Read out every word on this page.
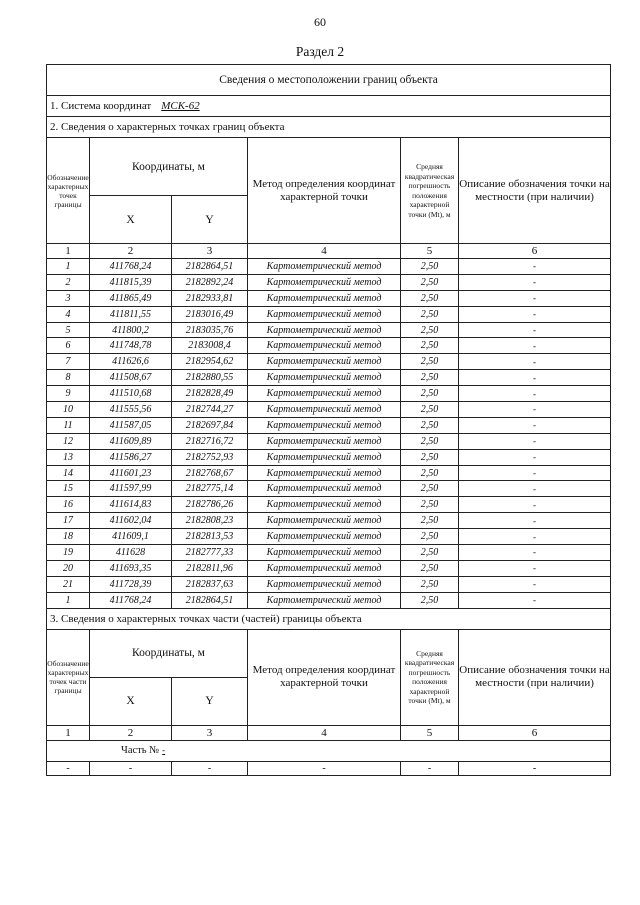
60
Раздел 2
Сведения о местоположении границ объекта					
1. Система координат МСК-62					
2. Сведения о характерных точках границ объекта					
Обозначение характерных точек границы	Координаты, м		Метод определения координат характерной точки	Средняя квадратическая погрешность положения характерной точки (Mt), м	Описание обозначения точки на местности (при наличии)
	X	Y			
1	2	3	4	5	6
1	411768,24	2182864,51	Картометрический метод	2,50	-
2	411815,39	2182892,24	Картометрический метод	2,50	-
3	411865,49	2182933,81	Картометрический метод	2,50	-
4	411811,55	2183016,49	Картометрический метод	2,50	-
5	411800,2	2183035,76	Картометрический метод	2,50	-
6	411748,78	2183008,4	Картометрический метод	2,50	-
7	411626,6	2182954,62	Картометрический метод	2,50	-
8	411508,67	2182880,55	Картометрический метод	2,50	-
9	411510,68	2182828,49	Картометрический метод	2,50	-
10	411555,56	2182744,27	Картометрический метод	2,50	-
11	411587,05	2182697,84	Картометрический метод	2,50	-
12	411609,89	2182716,72	Картометрический метод	2,50	-
13	411586,27	2182752,93	Картометрический метод	2,50	-
14	411601,23	2182768,67	Картометрический метод	2,50	-
15	411597,99	2182775,14	Картометрический метод	2,50	-
16	411614,83	2182786,26	Картометрический метод	2,50	-
17	411602,04	2182808,23	Картометрический метод	2,50	-
18	411609,1	2182813,53	Картометрический метод	2,50	-
19	411628	2182777,33	Картометрический метод	2,50	-
20	411693,35	2182811,96	Картометрический метод	2,50	-
21	411728,39	2182837,63	Картометрический метод	2,50	-
1	411768,24	2182864,51	Картометрический метод	2,50	-
3. Сведения о характерных точках части (частей) границы объекта					
Обозначение характерных точек части границы	Координаты, м		Метод определения координат характерной точки	Средняя квадратическая погрешность положения характерной точки (Mt), м	Описание обозначения точки на местности (при наличии)
	X	Y			
1	2	3	4	5	6
Часть № -					
-	-	-	-	-	-
